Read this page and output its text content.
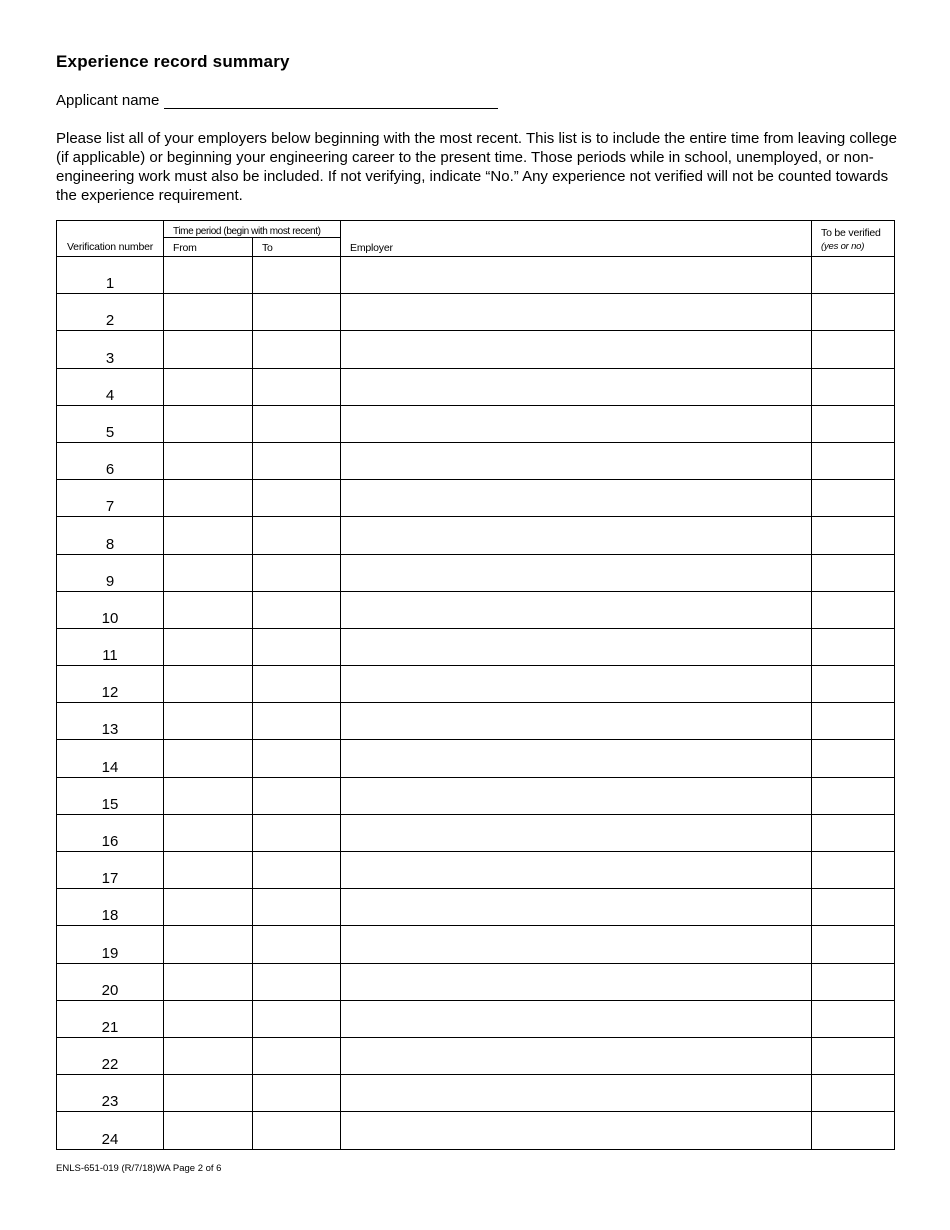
Experience record summary
Applicant name

Please list all of your employers below beginning with the most recent. This list is to include the entire time from leaving college (if applicable) or beginning your engineering career to the present time. Those periods while in school, unemployed, or non-engineering work must also be included. If not verifying, indicate “No.” Any experience not verified will not be counted towards the experience requirement.

Verification number	Time period (begin with most recent)		Employer	To be verified
(yes or no)

	From	To		
1				
2				
3				
4				
5				
6				
7				
8				
9				
10				
11				
12				
13				
14				
15				
16				
17				
18				
19				
20				
21				
22				
23				
24				
ENLS-651-019 (R/7/18)WA Page 2 of 6
